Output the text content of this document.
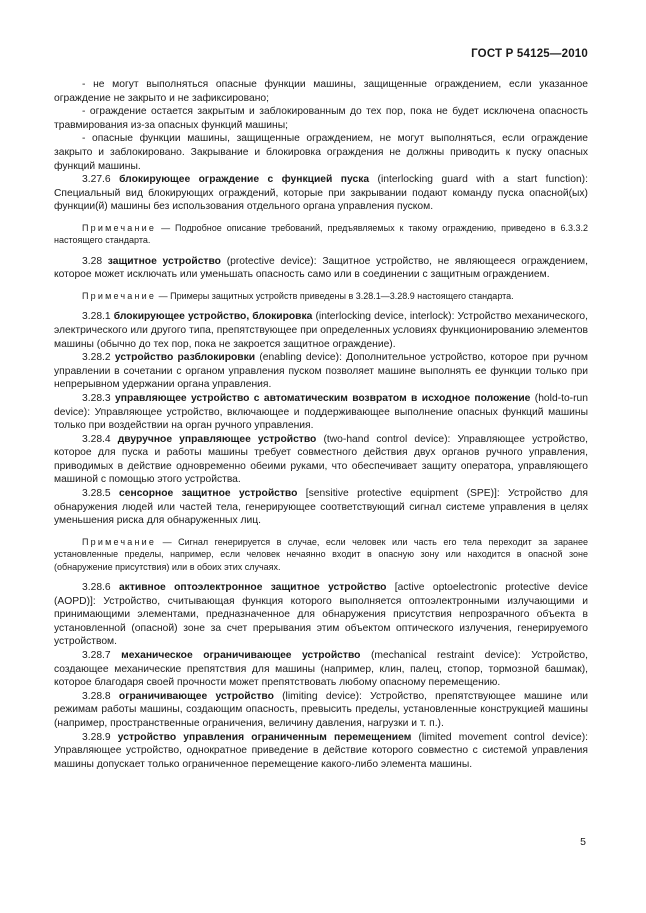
ГОСТ Р 54125—2010

- не могут выполняться опасные функции машины, защищенные ограждением, если указанное ограждение не закрыто и не зафиксировано;

- ограждение остается закрытым и заблокированным до тех пор, пока не будет исключена опасность травмирования из-за опасных функций машины;

- опасные функции машины, защищенные ограждением, не могут выполняться, если ограждение закрыто и заблокировано. Закрывание и блокировка ограждения не должны приводить к пуску опасных функций машины.

3.27.6 блокирующее ограждение с функцией пуска (interlocking guard with a start function): Специальный вид блокирующих ограждений, которые при закрывании подают команду пуска опасной(ых) функции(й) машины без использования отдельного органа управления пуском.

Примечание — Подробное описание требований, предъявляемых к такому ограждению, приведено в 6.3.3.2 настоящего стандарта.

3.28 защитное устройство (protective device): Защитное устройство, не являющееся ограждением, которое может исключать или уменьшать опасность само или в соединении с защитным ограждением.

Примечание — Примеры защитных устройств приведены в 3.28.1—3.28.9 настоящего стандарта.

3.28.1 блокирующее устройство, блокировка (interlocking device, interlock): Устройство механического, электрического или другого типа, препятствующее при определенных условиях функционированию элементов машины (обычно до тех пор, пока не закроется защитное ограждение).

3.28.2 устройство разблокировки (enabling device): Дополнительное устройство, которое при ручном управлении в сочетании с органом управления пуском позволяет машине выполнять ее функции только при непрерывном удержании органа управления.

3.28.3 управляющее устройство с автоматическим возвратом в исходное положение (hold-to-run device): Управляющее устройство, включающее и поддерживающее выполнение опасных функций машины только при воздействии на орган ручного управления.

3.28.4 двуручное управляющее устройство (two-hand control device): Управляющее устройство, которое для пуска и работы машины требует совместного действия двух органов ручного управления, приводимых в действие одновременно обеими руками, что обеспечивает защиту оператора, управляющего машиной с помощью этого устройства.

3.28.5 сенсорное защитное устройство [sensitive protective equipment (SPE)]: Устройство для обнаружения людей или частей тела, генерирующее соответствующий сигнал системе управления в целях уменьшения риска для обнаруженных лиц.

Примечание — Сигнал генерируется в случае, если человек или часть его тела переходит за заранее установленные пределы, например, если человек нечаянно входит в опасную зону или находится в опасной зоне (обнаружение присутствия) или в обоих этих случаях.

3.28.6 активное оптоэлектронное защитное устройство [active optoelectronic protective device (AOPD)]: Устройство, считывающая функция которого выполняется оптоэлектронными излучающими и принимающими элементами, предназначенное для обнаружения присутствия непрозрачного объекта в установленной (опасной) зоне за счет прерывания этим объектом оптического излучения, генерируемого устройством.

3.28.7 механическое ограничивающее устройство (mechanical restraint device): Устройство, создающее механические препятствия для машины (например, клин, палец, стопор, тормозной башмак), которое благодаря своей прочности может препятствовать любому опасному перемещению.

3.28.8 ограничивающее устройство (limiting device): Устройство, препятствующее машине или режимам работы машины, создающим опасность, превысить пределы, установленные конструкцией машины (например, пространственные ограничения, величину давления, нагрузки и т. п.).

3.28.9 устройство управления ограниченным перемещением (limited movement control device): Управляющее устройство, однократное приведение в действие которого совместно с системой управления машины допускает только ограниченное перемещение какого-либо элемента машины.

5
